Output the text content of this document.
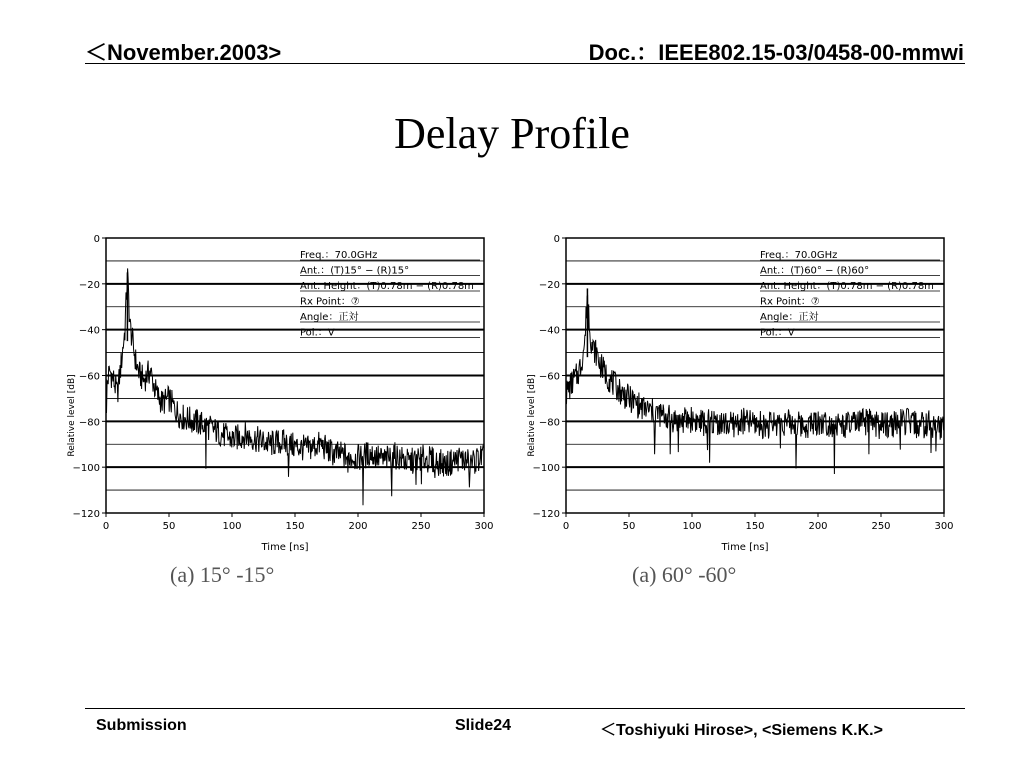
＜November.2003>	Doc.：IEEE802.15-03/0458-00-mmwi
Delay Profile
0
−20
−40
−60
−80
−100
−120
0	50	100	150	200	250	300
Time [ns]
Relative level [dB]
Freq.：70.0GHz
Ant.：(T)15° − (R)15°
Ant. Height：(T)0.78m − (R)0.78m
Rx Point：⑦
Angle：正対
Pol.：V
0
−20
−40
−60
−80
−100
−120
0	50	100	150	200	250	300
Time [ns]
Relative level [dB]
Freq.：70.0GHz
Ant.：(T)60° − (R)60°
Ant. Height：(T)0.78m − (R)0.78m
Rx Point：⑦
Angle：正対
Pol.：V
(a) 15° -15°	(a) 60° -60°
Submission	Slide24	＜Toshiyuki Hirose>, <Siemens K.K.>
